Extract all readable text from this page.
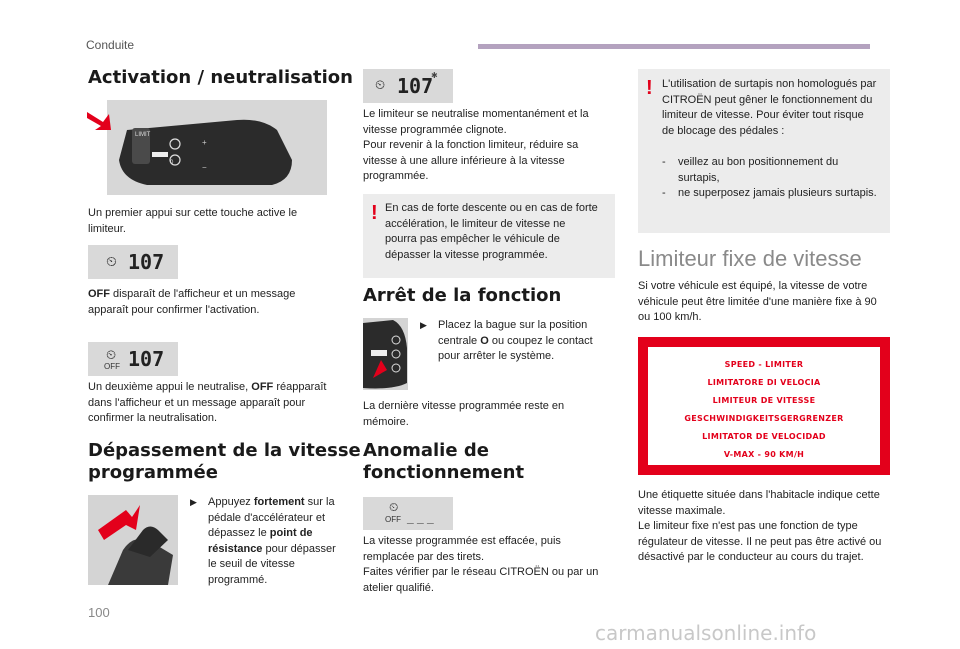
Conduite
Activation / neutralisation
0
+
−
LIMIT

Un premier appui sur cette touche active le limiteur.

⏲ 107

OFF disparaît de l'afficheur et un message apparaît pour confirmer l'activation.

⏲
OFF 107

Un deuxième appui le neutralise, OFF réapparaît dans l'afficheur et un message apparaît pour confirmer la neutralisation.

Dépassement de la vitesse
programmée
▶ Appuyez fortement sur la pédale d'accélérateur et dépassez le point de résistance pour dépasser le seuil de vitesse programmé.

⏲ 107
✱

Le limiteur se neutralise momentanément et la vitesse programmée clignote.

Pour revenir à la fonction limiteur, réduire sa vitesse à une allure inférieure à la vitesse programmée.

! En cas de forte descente ou en cas de forte accélération, le limiteur de vitesse ne pourra pas empêcher le véhicule de dépasser la vitesse programmée.

Arrêt de la fonction
▶ Placez la bague sur la position centrale O ou coupez le contact pour arrêter le système.

La dernière vitesse programmée reste en mémoire.

Anomalie de
fonctionnement
⏲
OFF _ _ _

La vitesse programmée est effacée, puis remplacée par des tirets.

Faites vérifier par le réseau CITROËN ou par un atelier qualifié.

! L'utilisation de surtapis non homologués par CITROËN peut gêner le fonctionnement du limiteur de vitesse. Pour éviter tout risque de blocage des pédales :

- veillez au bon positionnement du surtapis,

- ne superposez jamais plusieurs surtapis.

Limiteur fixe de vitesse

Si votre véhicule est équipé, la vitesse de votre véhicule peut être limitée d'une manière fixe à 90 ou 100 km/h.

SPEED - LIMITER
LIMITATORE DI VELOCIA
LIMITEUR DE VITESSE
GESCHWINDIGKEITSGERGRENZER
LIMITATOR DE VELOCIDAD
V-MAX - 90 KM/H

Une étiquette située dans l'habitacle indique cette vitesse maximale.

Le limiteur fixe n'est pas une fonction de type régulateur de vitesse. Il ne peut pas être activé ou désactivé par le conducteur au cours du trajet.

100
carmanualsonline.info
